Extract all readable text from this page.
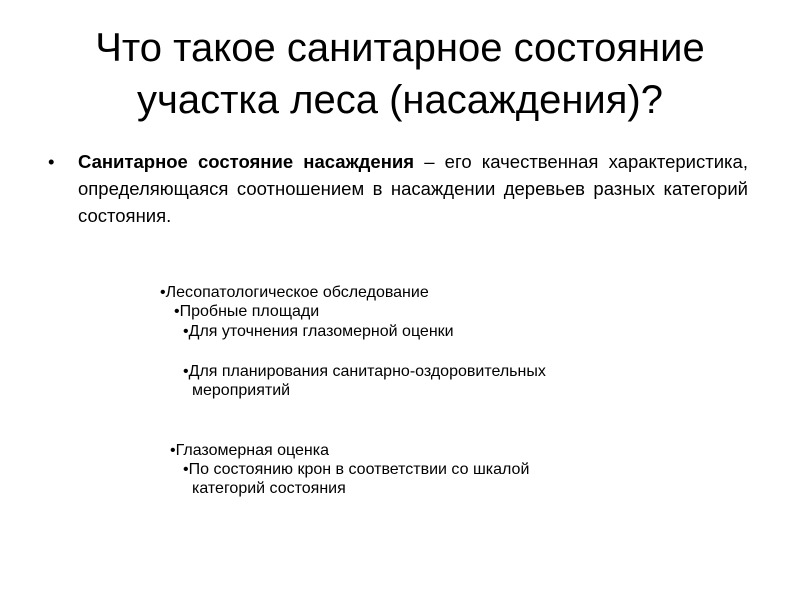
Что такое санитарное состояние
участка леса (насаждения)?
• Санитарное состояние насаждения – его качественная характеристика, определяющаяся соотношением в насаждении деревьев разных категорий состояния.
•Лесопатологическое обследование
•Пробные площади
•Для уточнения глазомерной оценки
•Для планирования санитарно-оздоровительных
мероприятий
•Глазомерная оценка
•По состоянию крон в соответствии со шкалой
категорий состояния
